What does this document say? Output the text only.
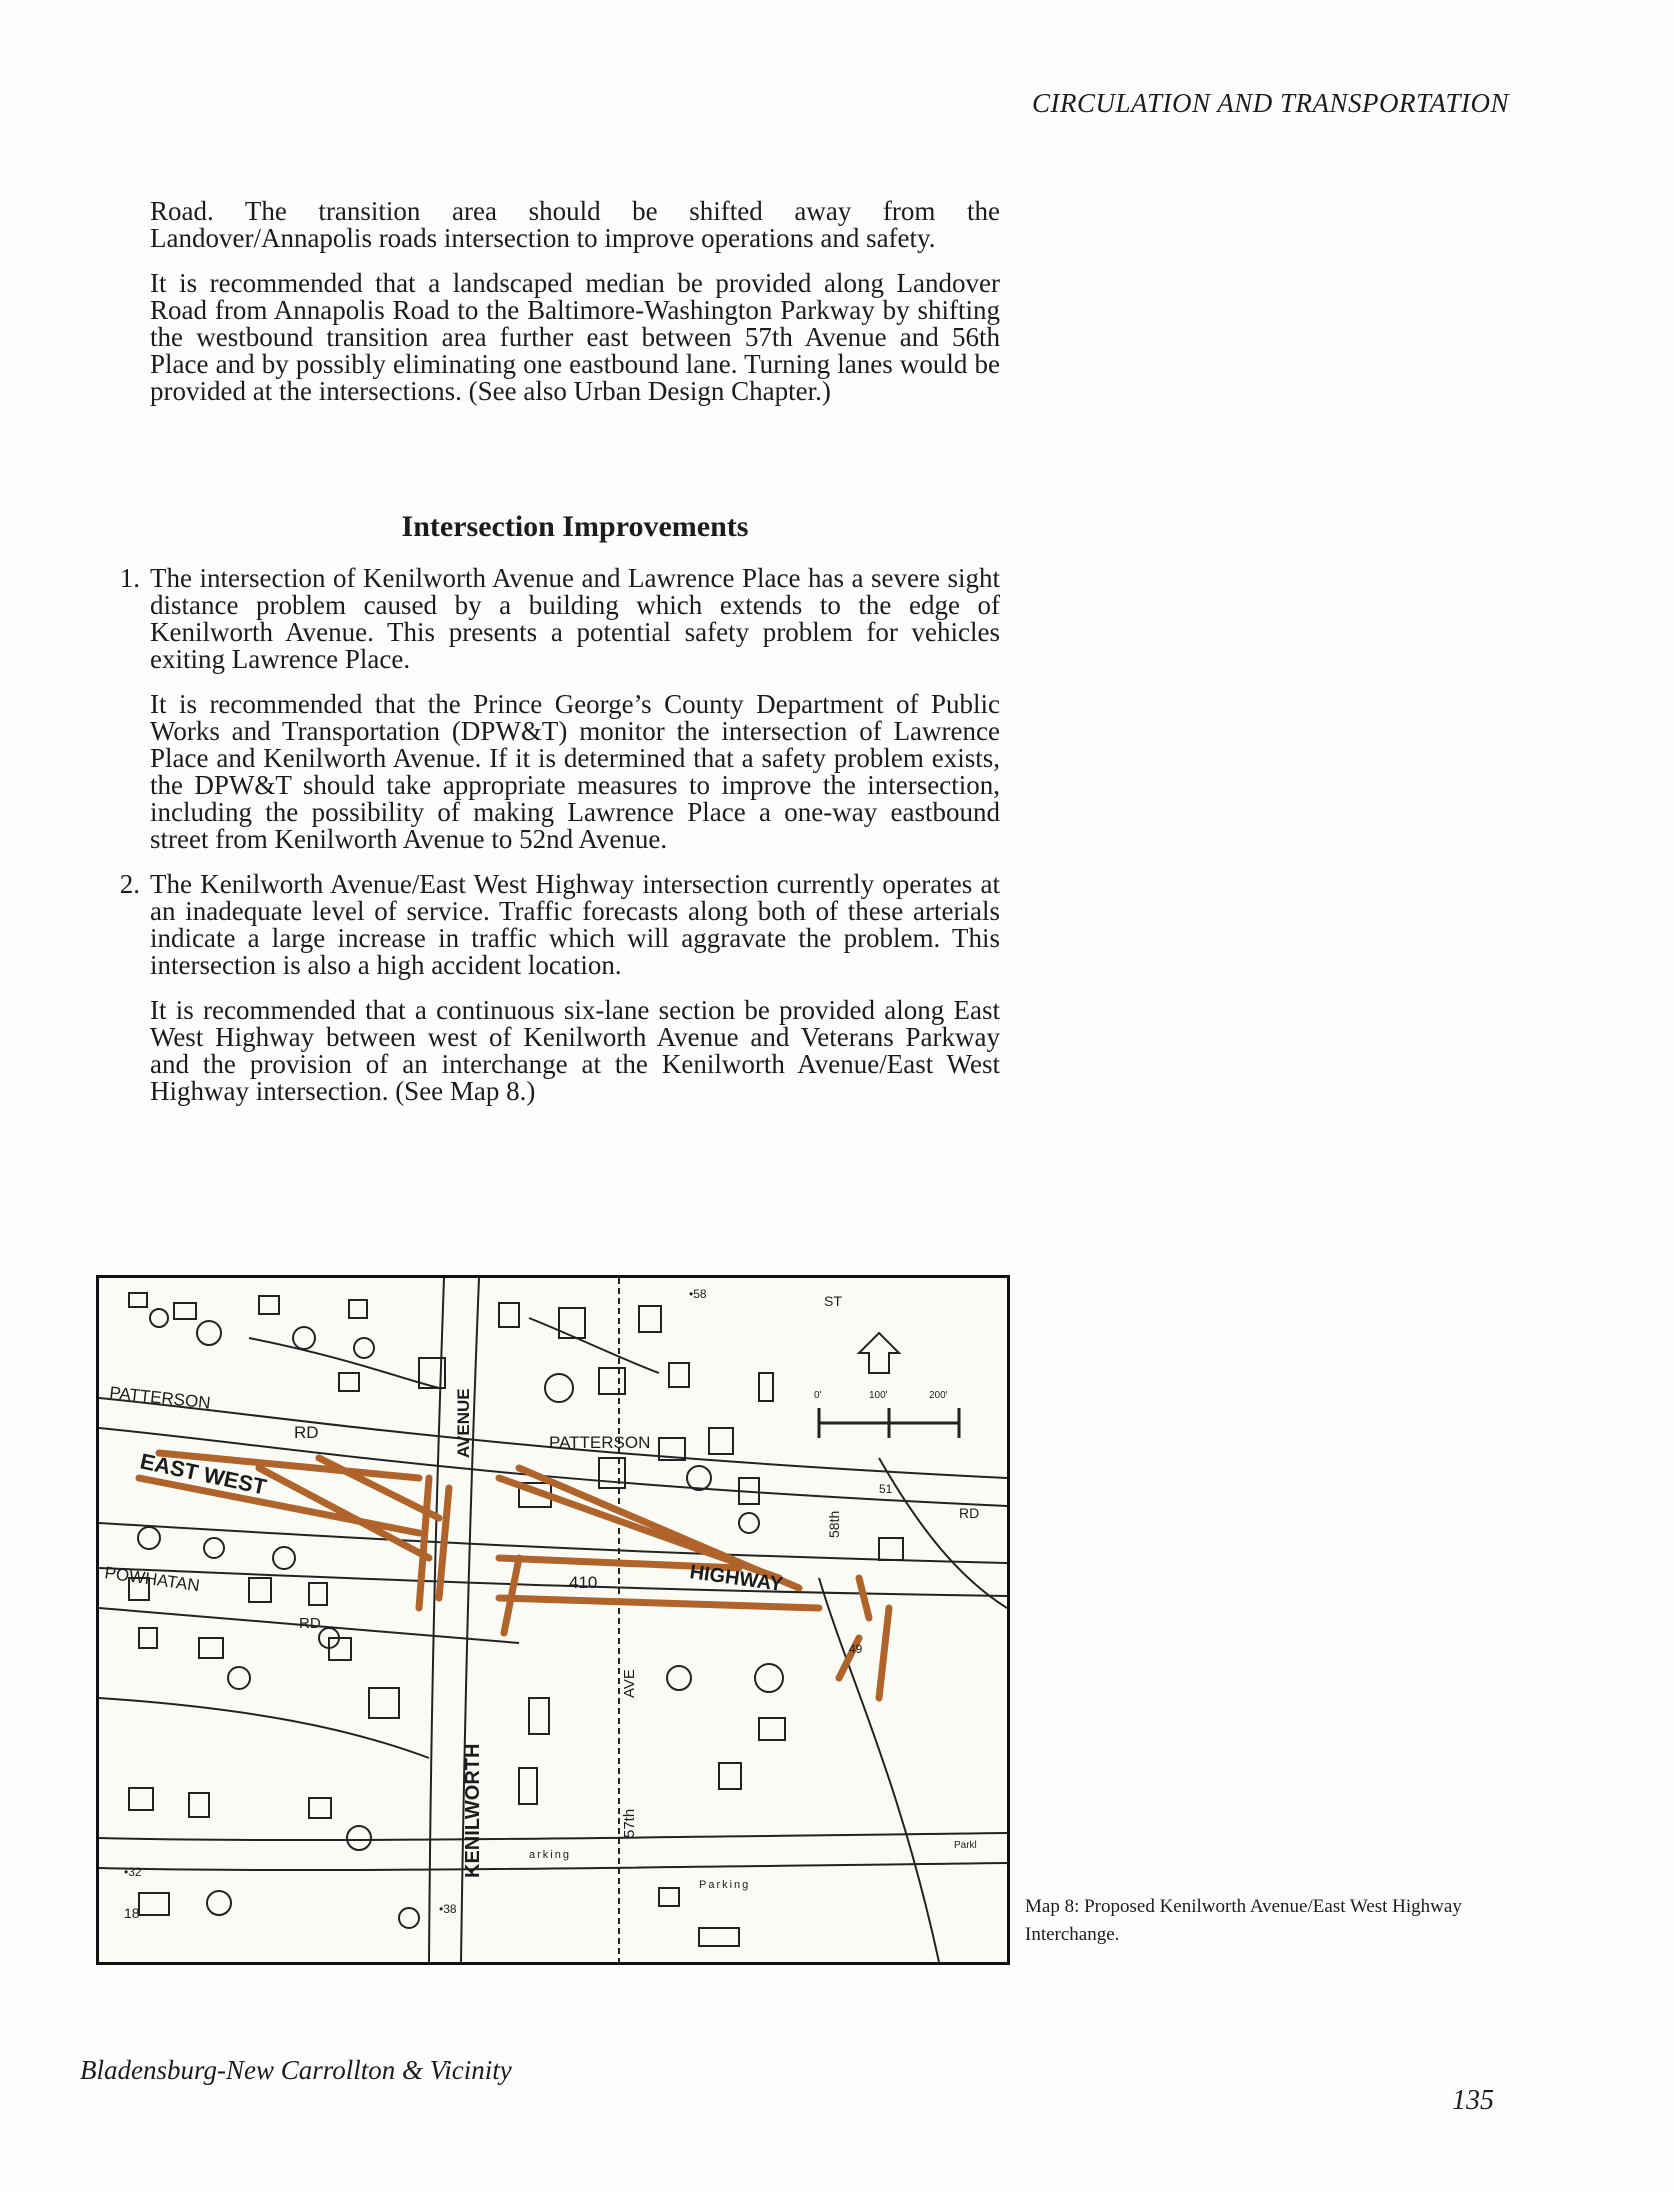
CIRCULATION AND TRANSPORTATION

Road. The transition area should be shifted away from the Landover/Annapolis roads intersection to improve operations and safety.

It is recommended that a landscaped median be provided along Landover Road from Annapolis Road to the Baltimore-Washington Parkway by shifting the westbound transition area further east between 57th Avenue and 56th Place and by possibly eliminating one eastbound lane. Turning lanes would be provided at the intersections. (See also Urban Design Chapter.)

Intersection Improvements
1. The intersection of Kenilworth Avenue and Lawrence Place has a severe sight distance problem caused by a building which extends to the edge of Kenilworth Avenue. This presents a potential safety problem for vehicles exiting Lawrence Place.

It is recommended that the Prince George’s County Department of Public Works and Transportation (DPW&T) monitor the intersection of Lawrence Place and Kenilworth Avenue. If it is determined that a safety problem exists, the DPW&T should take appropriate measures to improve the intersection, including the possibility of making Lawrence Place a one-way eastbound street from Kenilworth Avenue to 52nd Avenue.

2. The Kenilworth Avenue/East West Highway intersection currently operates at an inadequate level of service. Traffic forecasts along both of these arterials indicate a large increase in traffic which will aggravate the problem. This intersection is also a high accident location.

It is recommended that a continuous six-lane section be provided along East West Highway between west of Kenilworth Avenue and Veterans Parkway and the provision of an interchange at the Kenilworth Avenue/East West Highway intersection. (See Map 8.)

PATTERSON
RD	AVENUE	PATTERSON
EAST WEST
HIGHWAY
410
POWHATAN
RD
KENILWORTH
AVE
57th
58th
ST
RD
arking
Parking
Parkl
•58
51
49
•32
•38
18
0'	100'	200'
Map 8: Proposed Kenilworth Avenue/East West Highway Interchange.
Bladensburg-New Carrollton & Vicinity
135
